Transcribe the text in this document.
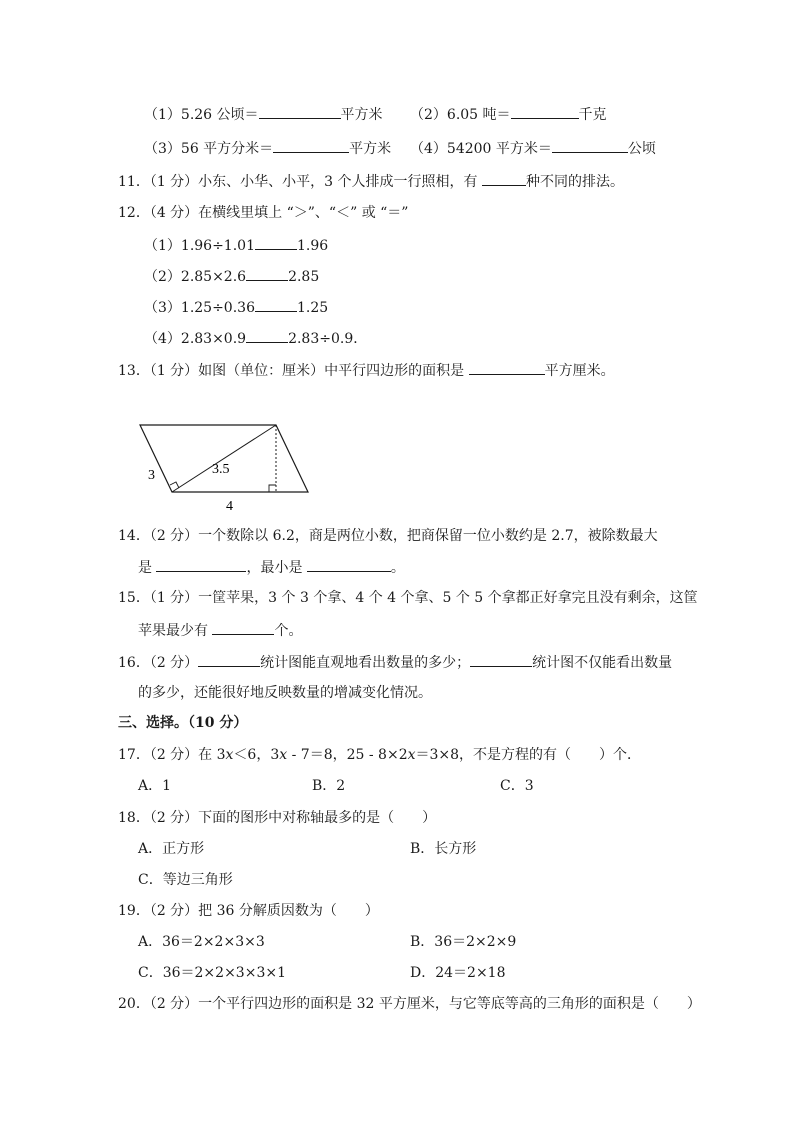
（1）5.26 公顷＝	平方米 （2）6.05 吨＝	千克
（3）56 平方分米＝	平方米 （4）54200 平方米＝	公顷
11．（1 分）小东、小华、小平，3 个人排成一行照相，有	种不同的排法。
12．（4 分）在横线里填上 “＞”、“＜” 或 “＝”
（1）1.96÷1.01	1.96
（2）2.85×2.6	2.85
（3）1.25÷0.36	1.25
（4）2.83×0.9	2.83÷0.9．
13．（1 分）如图（单位：厘米）中平行四边形的面积是	平方厘米。
3	3.5
4
14．（2 分）一个数除以 6.2，商是两位小数，把商保留一位小数约是 2.7，被除数最大
是	，最小是	。
15．（1 分）一筐苹果，3 个 3 个拿、4 个 4 个拿、5 个 5 个拿都正好拿完且没有剩余，这筐
苹果最少有	个。
16．（2 分）	统计图能直观地看出数量的多少；	统计图不仅能看出数量
的多少，还能很好地反映数量的增减变化情况。
三、选择。（10 分）
17．（2 分）在 3x＜6，3x - 7＝8，25 - 8×2x＝3×8，不是方程的有（　　）个．
A．1	B．2	C．3
18．（2 分）下面的图形中对称轴最多的是（　　）
A．正方形	B．长方形
C．等边三角形
19．（2 分）把 36 分解质因数为（　　）
A．36＝2×2×3×3	B．36＝2×2×9
C．36＝2×2×3×3×1	D．24＝2×18
20．（2 分）一个平行四边形的面积是 32 平方厘米，与它等底等高的三角形的面积是（　　）
